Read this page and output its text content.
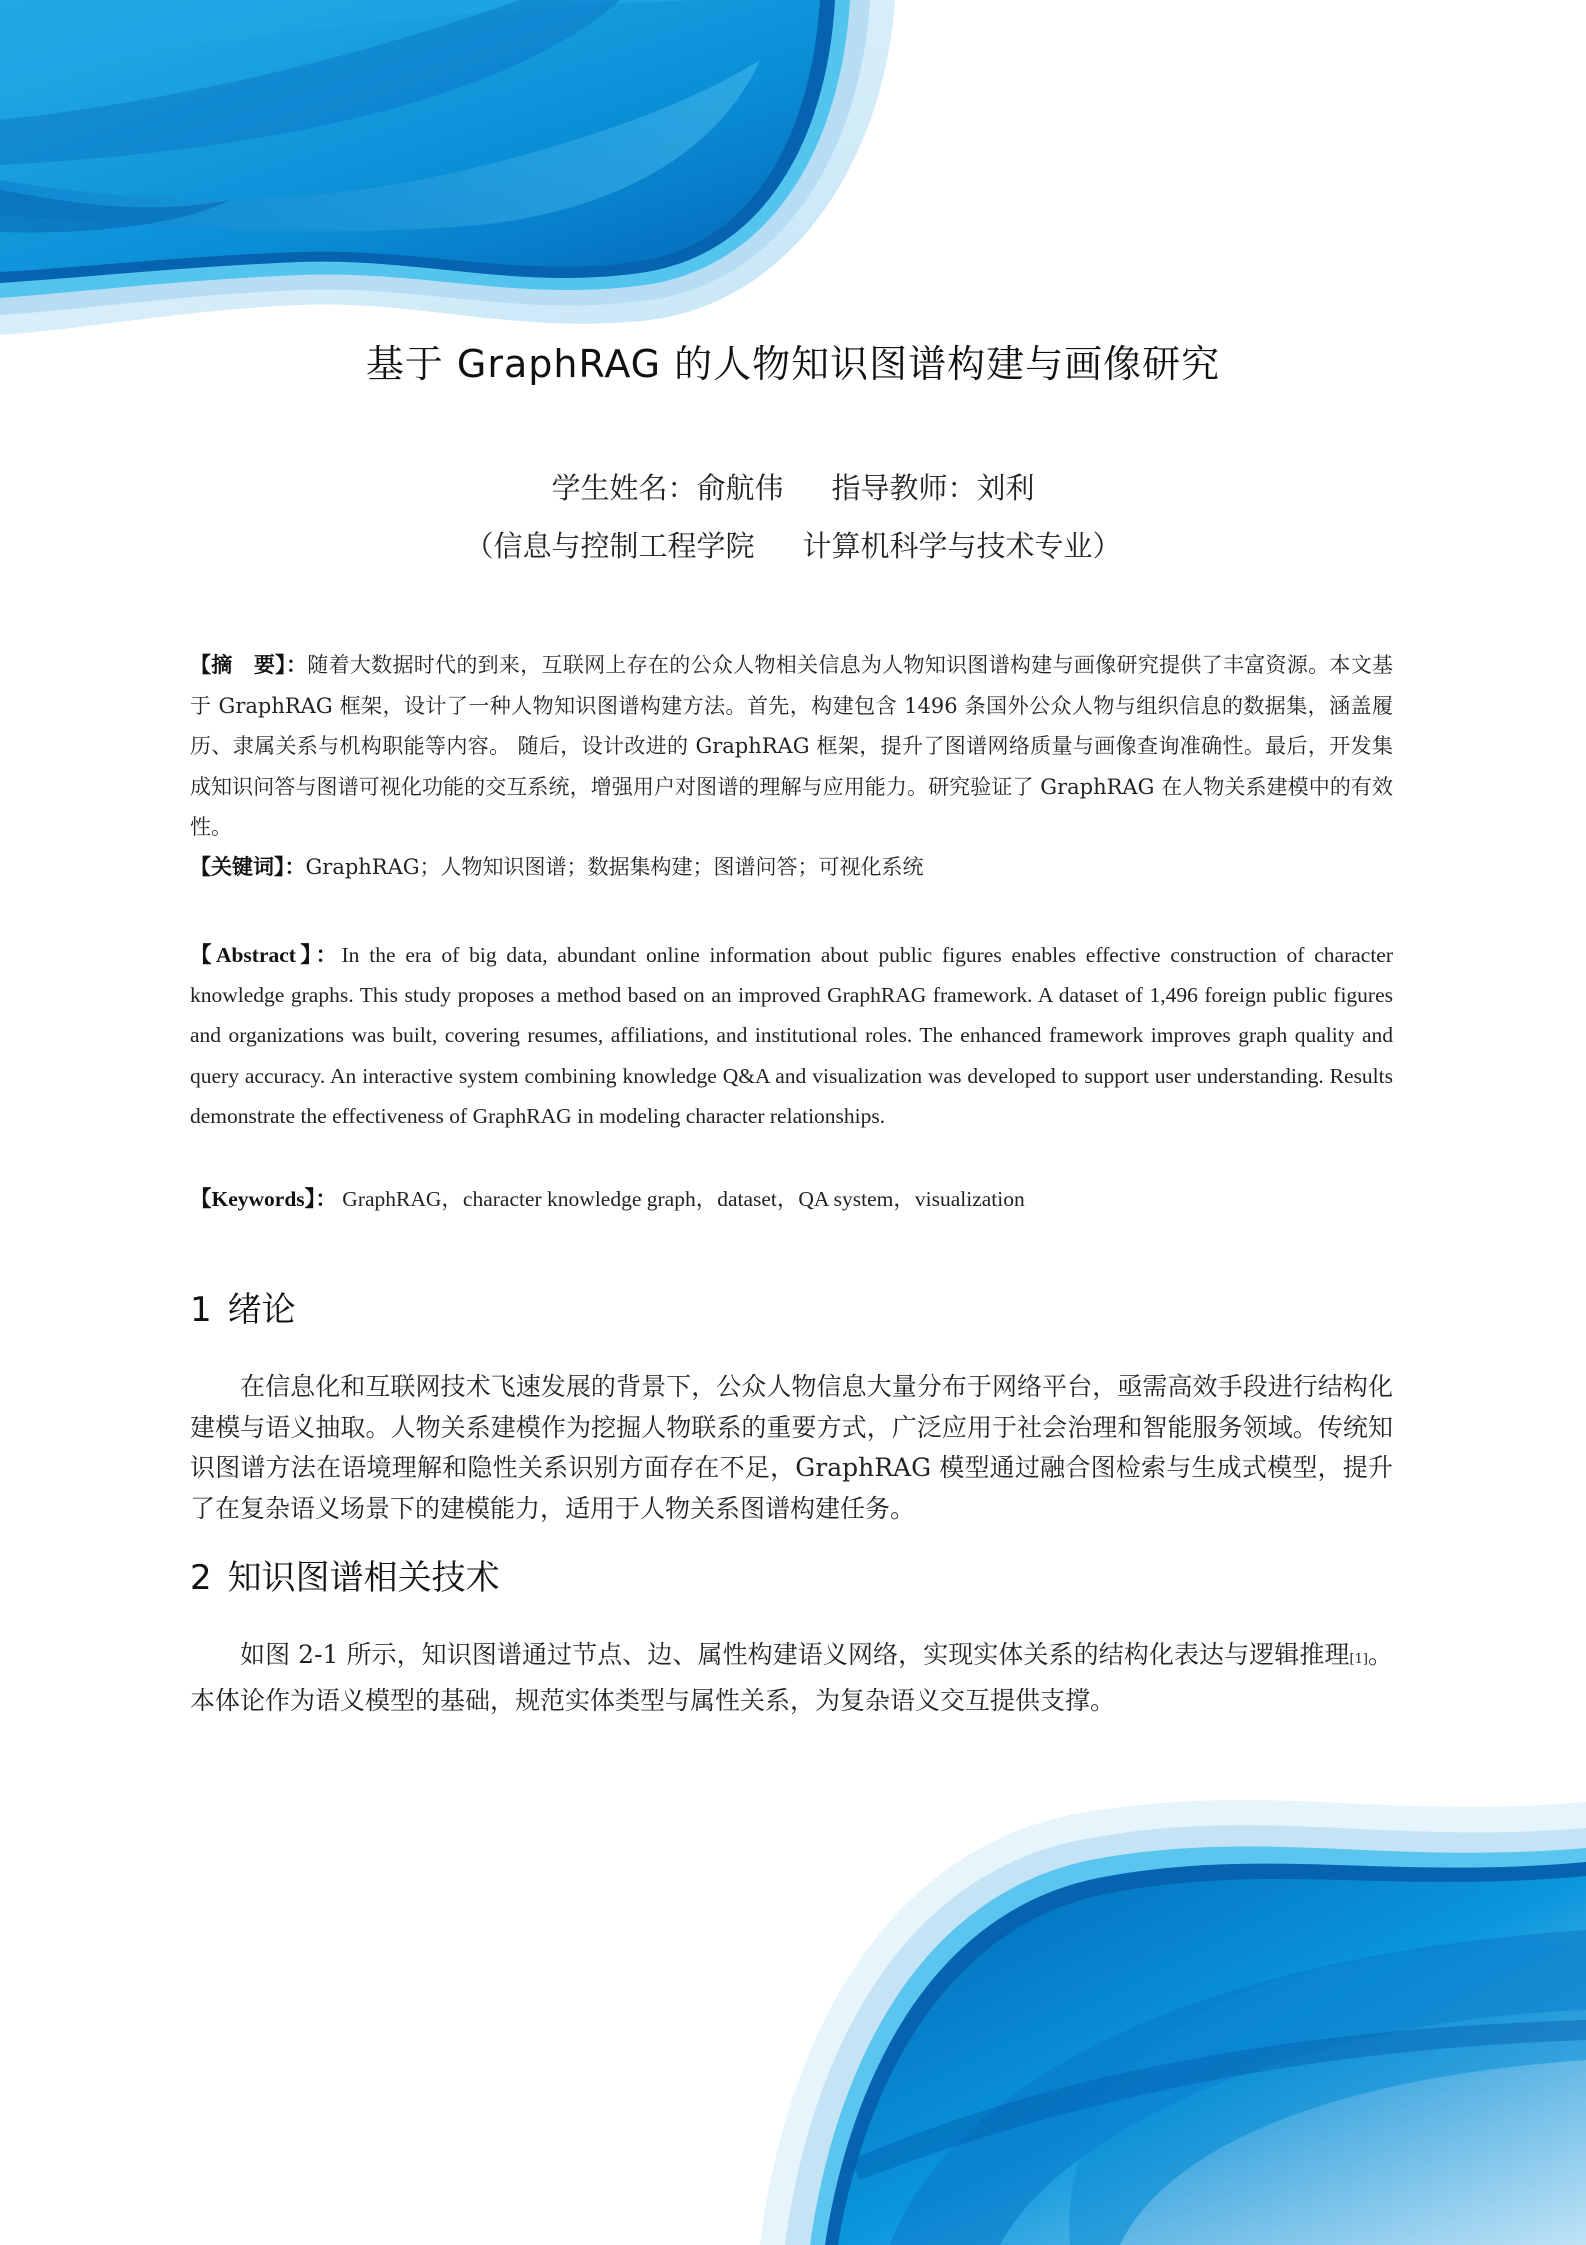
基于 GraphRAG 的人物知识图谱构建与画像研究
学生姓名：俞航伟 指导教师：刘利
（信息与控制工程学院 计算机科学与技术专业）
【摘　要】：随着大数据时代的到来，互联网上存在的公众人物相关信息为人物知识图谱构建与画像研究提供了丰富资源。本文基于 GraphRAG 框架，设计了一种人物知识图谱构建方法。首先，构建包含 1496 条国外公众人物与组织信息的数据集，涵盖履历、隶属关系与机构职能等内容。 随后，设计改进的 GraphRAG 框架，提升了图谱网络质量与画像查询准确性。最后，开发集成知识问答与图谱可视化功能的交互系统，增强用户对图谱的理解与应用能力。研究验证了 GraphRAG 在人物关系建模中的有效性。
【关键词】：GraphRAG；人物知识图谱；数据集构建；图谱问答；可视化系统
【Abstract】：In the era of big data, abundant online information about public figures enables effective construction of character knowledge graphs. This study proposes a method based on an improved GraphRAG framework. A dataset of 1,496 foreign public figures and organizations was built, covering resumes, affiliations, and institutional roles. The enhanced framework improves graph quality and query accuracy. An interactive system combining knowledge Q&A and visualization was developed to support user understanding. Results demonstrate the effectiveness of GraphRAG in modeling character relationships.
【Keywords】： GraphRAG，character knowledge graph，dataset，QA system，visualization
1 绪论

在信息化和互联网技术飞速发展的背景下，公众人物信息大量分布于网络平台，亟需高效手段进行结构化建模与语义抽取。人物关系建模作为挖掘人物联系的重要方式，广泛应用于社会治理和智能服务领域。传统知识图谱方法在语境理解和隐性关系识别方面存在不足，GraphRAG 模型通过融合图检索与生成式模型，提升了在复杂语义场景下的建模能力，适用于人物关系图谱构建任务。

2 知识图谱相关技术

如图 2-1 所示，知识图谱通过节点、边、属性构建语义网络，实现实体关系的结构化表达与逻辑推理[1]。本体论作为语义模型的基础，规范实体类型与属性关系，为复杂语义交互提供支撑。
